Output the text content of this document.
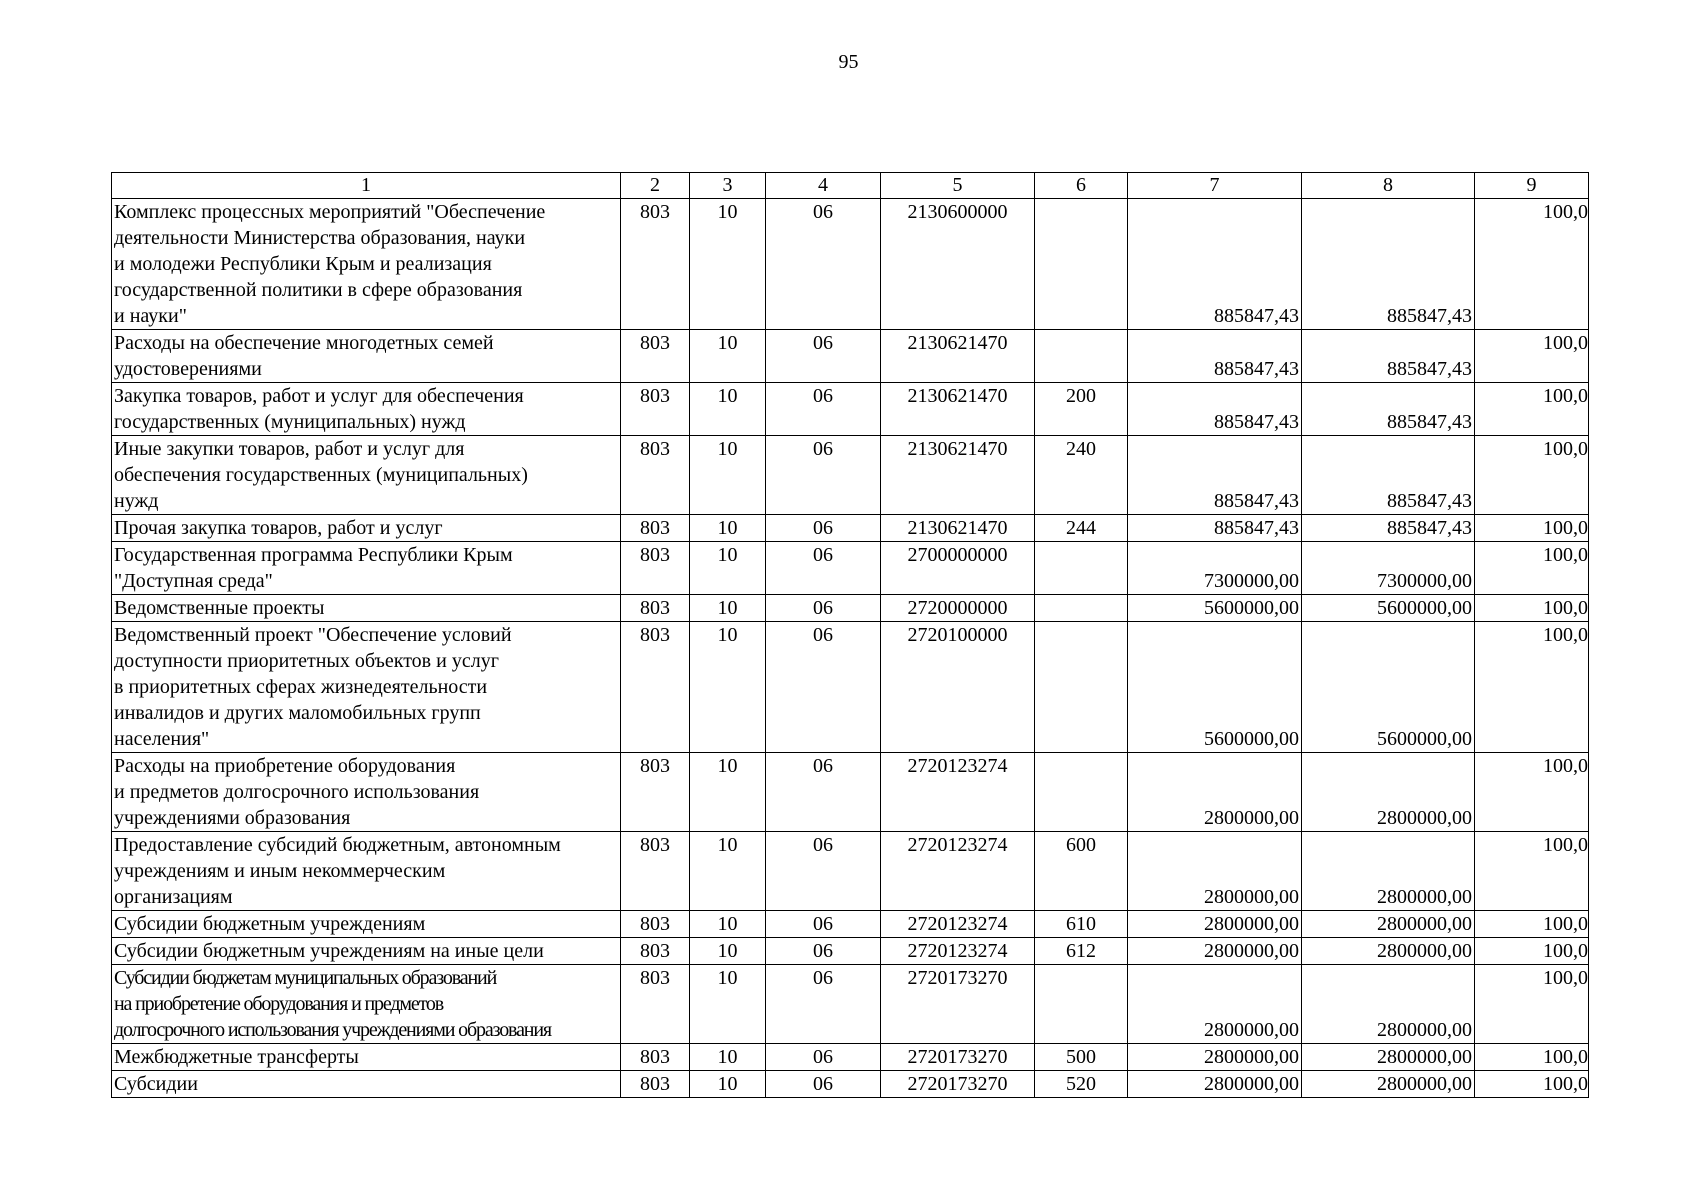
95
1	2	3	4	5	6	7	8	9
Комплекс процессных мероприятий "Обеспечение
деятельности Министерства образования, науки
и молодежи Республики Крым и реализация
государственной политики в сфере образования
и науки"	803	10	06	2130600000		885847,43	885847,43	100,0
Расходы на обеспечение многодетных семей
удостоверениями	803	10	06	2130621470		885847,43	885847,43	100,0
Закупка товаров, работ и услуг для обеспечения
государственных (муниципальных) нужд	803	10	06	2130621470	200	885847,43	885847,43	100,0
Иные закупки товаров, работ и услуг для
обеспечения государственных (муниципальных)
нужд	803	10	06	2130621470	240	885847,43	885847,43	100,0
Прочая закупка товаров, работ и услуг	803	10	06	2130621470	244	885847,43	885847,43	100,0
Государственная программа Республики Крым
"Доступная среда"	803	10	06	2700000000		7300000,00	7300000,00	100,0
Ведомственные проекты	803	10	06	2720000000		5600000,00	5600000,00	100,0
Ведомственный проект "Обеспечение условий
доступности приоритетных объектов и услуг
в приоритетных сферах жизнедеятельности
инвалидов и других маломобильных групп
населения"	803	10	06	2720100000		5600000,00	5600000,00	100,0
Расходы на приобретение оборудования
и предметов долгосрочного использования
учреждениями образования	803	10	06	2720123274		2800000,00	2800000,00	100,0
Предоставление субсидий бюджетным, автономным
учреждениям и иным некоммерческим
организациям	803	10	06	2720123274	600	2800000,00	2800000,00	100,0
Субсидии бюджетным учреждениям	803	10	06	2720123274	610	2800000,00	2800000,00	100,0
Субсидии бюджетным учреждениям на иные цели	803	10	06	2720123274	612	2800000,00	2800000,00	100,0
Субсидии бюджетам муниципальных образований
на приобретение оборудования и предметов
долгосрочного использования учреждениями образования	803	10	06	2720173270		2800000,00	2800000,00	100,0
Межбюджетные трансферты	803	10	06	2720173270	500	2800000,00	2800000,00	100,0
Субсидии	803	10	06	2720173270	520	2800000,00	2800000,00	100,0
